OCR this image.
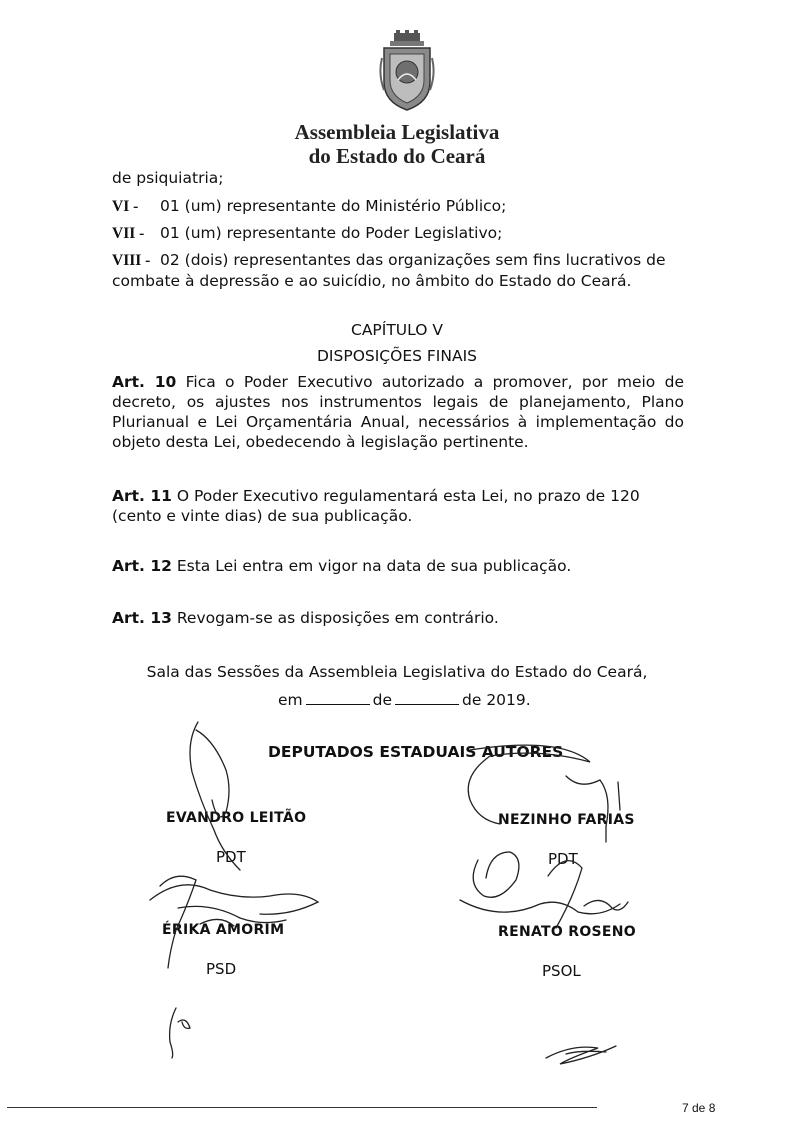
Assembleia Legislativa
do Estado do Ceará
de psiquiatria;
VI - 01 (um) representante do Ministério Público;
VII - 01 (um) representante do Poder Legislativo;
VIII - 02 (dois) representantes das organizações sem fins lucrativos de combate à depressão e ao suicídio, no âmbito do Estado do Ceará.
CAPÍTULO V
DISPOSIÇÕES FINAIS
Art. 10 Fica o Poder Executivo autorizado a promover, por meio de decreto, os ajustes nos instrumentos legais de planejamento, Plano Plurianual e Lei Orçamentária Anual, necessários à implementação do objeto desta Lei, obedecendo à legislação pertinente.
Art. 11 O Poder Executivo regulamentará esta Lei, no prazo de 120 (cento e vinte dias) de sua publicação.
Art. 12 Esta Lei entra em vigor na data de sua publicação.
Art. 13 Revogam-se as disposições em contrário.
Sala das Sessões da Assembleia Legislativa do Estado do Ceará,
em	de	de 2019.
DEPUTADOS ESTADUAIS AUTORES
EVANDRO LEITÃO
PDT
NEZINHO FARIAS
PDT
ÉRIKA AMORIM
PSD
RENATO ROSENO
PSOL
7 de 8
